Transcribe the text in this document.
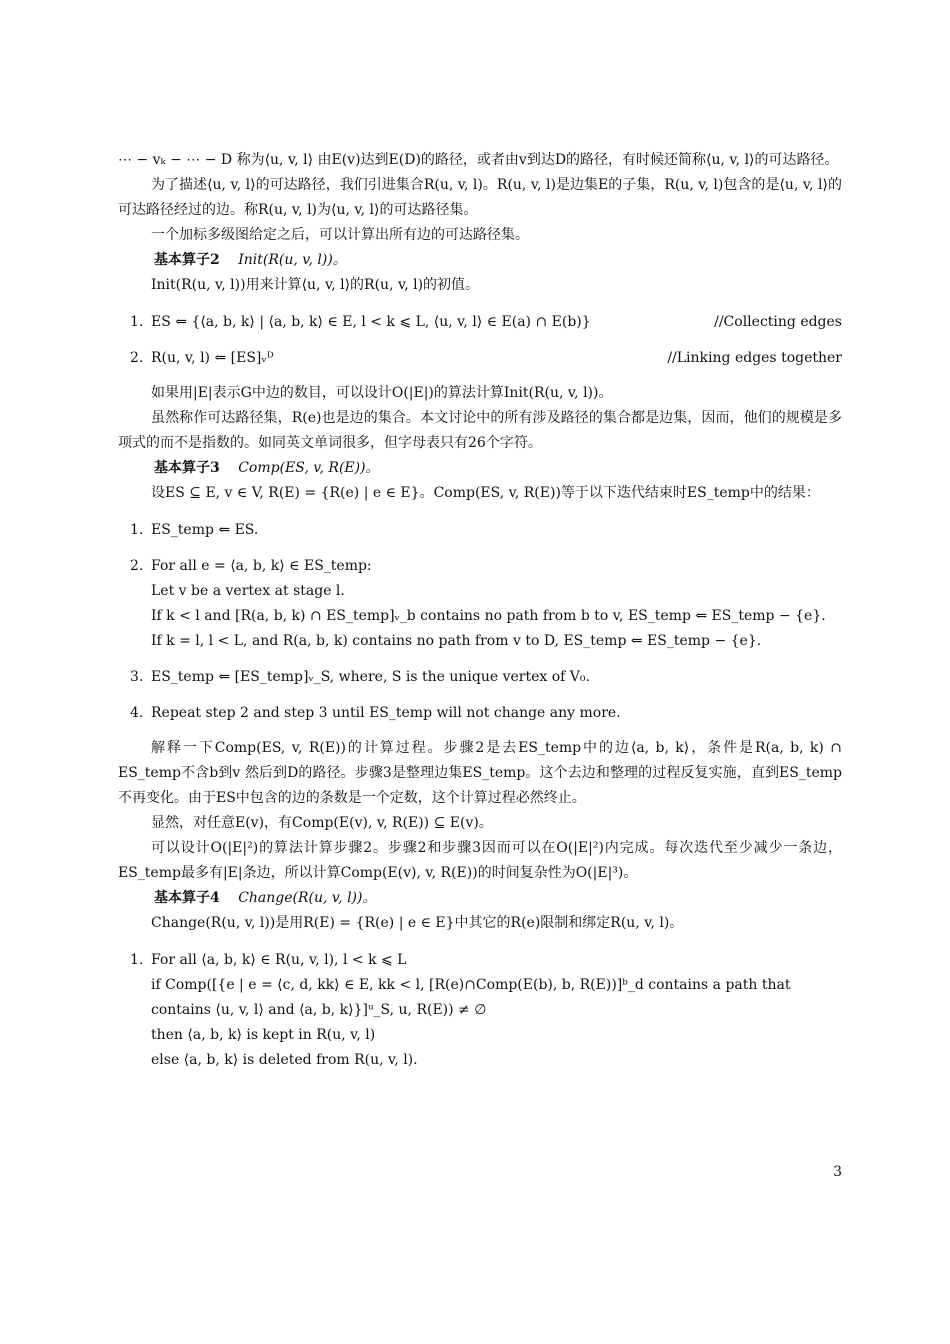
⋯ − vₖ − ⋯ − D 称为⟨u, v, l⟩ 由E(v)达到E(D)的路径，或者由v到达D的路径，有时候还简称⟨u, v, l⟩的可达路径。

为了描述⟨u, v, l⟩的可达路径，我们引进集合R(u, v, l)。R(u, v, l)是边集E的子集，R(u, v, l)包含的是⟨u, v, l⟩的可达路径经过的边。称R(u, v, l)为⟨u, v, l⟩的可达路径集。

一个加标多级图给定之后，可以计算出所有边的可达路径集。

基本算子2 Init(R(u, v, l))。

Init(R(u, v, l))用来计算⟨u, v, l⟩的R(u, v, l)的初值。

1. ES ⇐ {⟨a, b, k⟩ | ⟨a, b, k⟩ ∈ E, l < k ⩽ L, ⟨u, v, l⟩ ∈ E(a) ∩ E(b)}	//Collecting edges
2. R(u, v, l) ⇐ [ES]ᵥᴰ	//Linking edges together

如果用|E|表示G中边的数目，可以设计O(|E|)的算法计算Init(R(u, v, l))。

虽然称作可达路径集，R(e)也是边的集合。本文讨论中的所有涉及路径的集合都是边集，因而，他们的规模是多项式的而不是指数的。如同英文单词很多，但字母表只有26个字符。

基本算子3 Comp(ES, v, R(E))。

设ES ⊆ E, v ∈ V, R(E) = {R(e) | e ∈ E}。Comp(ES, v, R(E))等于以下迭代结束时ES_temp中的结果：

1. ES_temp ⇐ ES.
2. For all e = ⟨a, b, k⟩ ∈ ES_temp:
Let v be a vertex at stage l.
If k < l and [R(a, b, k) ∩ ES_temp]ᵥ_b contains no path from b to v, ES_temp ⇐ ES_temp − {e}.
If k = l, l < L, and R(a, b, k) contains no path from v to D, ES_temp ⇐ ES_temp − {e}.
3. ES_temp ⇐ [ES_temp]ᵥ_S, where, S is the unique vertex of V₀.
4. Repeat step 2 and step 3 until ES_temp will not change any more.

解释一下Comp(ES, v, R(E))的计算过程。步骤2是去ES_temp中的边⟨a, b, k⟩，条件是R(a, b, k) ∩ ES_temp不含b到v 然后到D的路径。步骤3是整理边集ES_temp。这个去边和整理的过程反复实施，直到ES_temp不再变化。由于ES中包含的边的条数是一个定数，这个计算过程必然终止。

显然，对任意E(v)，有Comp(E(v), v, R(E)) ⊆ E(v)。

可以设计O(|E|²)的算法计算步骤2。步骤2和步骤3因而可以在O(|E|²)内完成。每次迭代至少减少一条边，ES_temp最多有|E|条边，所以计算Comp(E(v), v, R(E))的时间复杂性为O(|E|³)。

基本算子4 Change(R(u, v, l))。

Change(R(u, v, l))是用R(E) = {R(e) | e ∈ E}中其它的R(e)限制和绑定R(u, v, l)。

1. For all ⟨a, b, k⟩ ∈ R(u, v, l), l < k ⩽ L
if Comp([{e | e = ⟨c, d, kk⟩ ∈ E, kk < l, [R(e)∩Comp(E(b), b, R(E))]ᵇ_d contains a path that contains ⟨u, v, l⟩ and ⟨a, b, k⟩}]ᵘ_S, u, R(E)) ≠ ∅
then ⟨a, b, k⟩ is kept in R(u, v, l)
else ⟨a, b, k⟩ is deleted from R(u, v, l).
3
